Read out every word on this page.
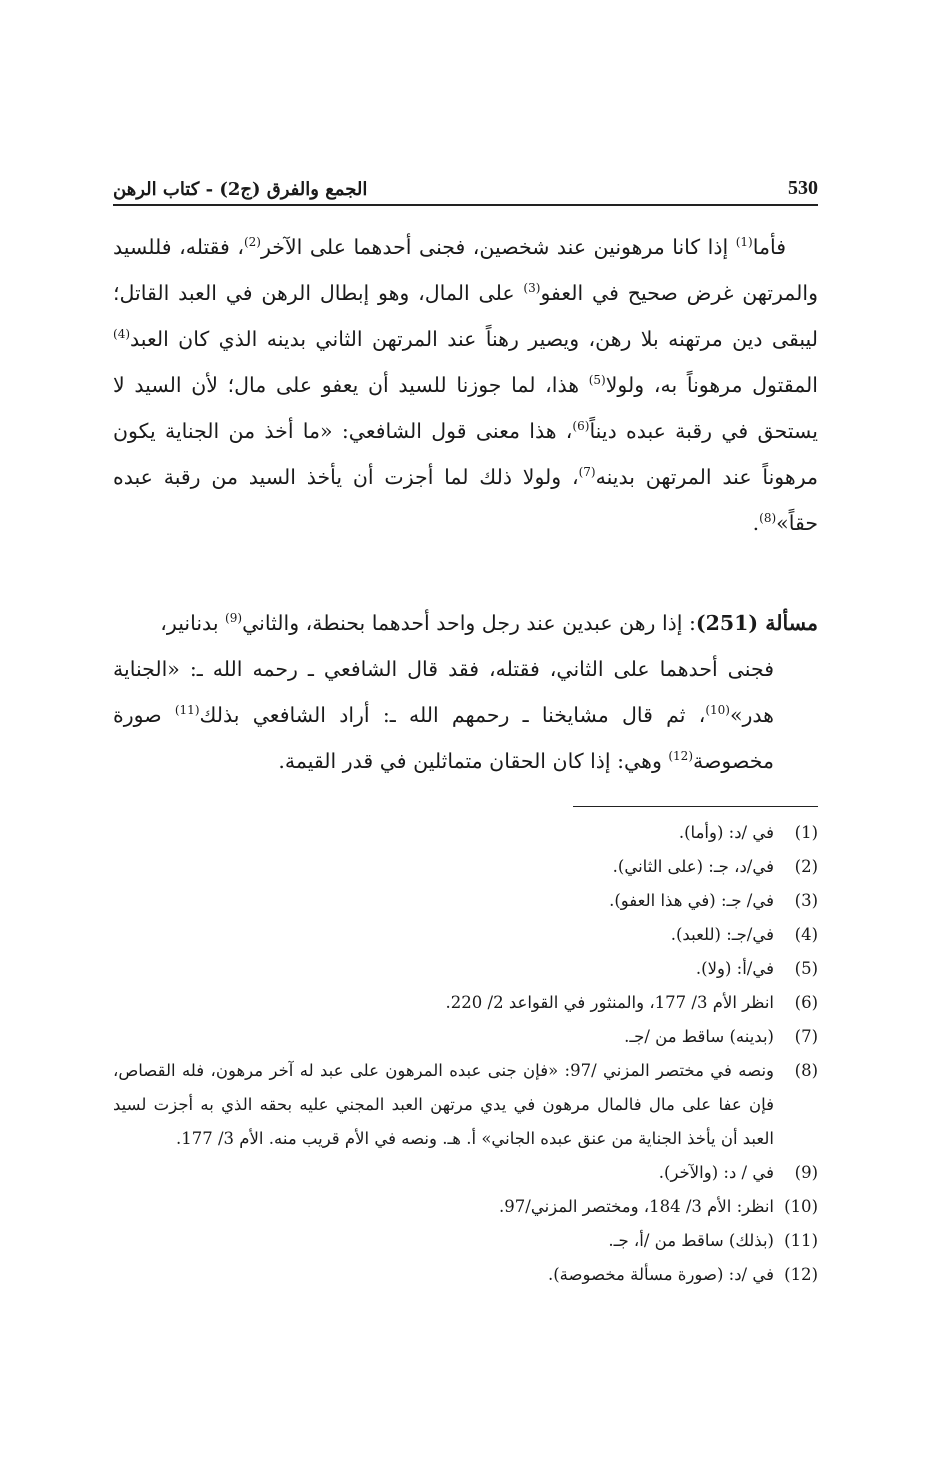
530
الجمع والفرق (ج2) - كتاب الرهن

فأما$^{(1)}$ إذا كانا مرهونين عند شخصين، فجنى أحدهما على الآخر$^{(2)}$، فقتله، فللسيد والمرتهن غرض صحيح في العفو$^{(3)}$ على المال، وهو إبطال الرهن في العبد القاتل؛ ليبقى دين مرتهنه بلا رهن، ويصير رهناً عند المرتهن الثاني بدينه الذي كان العبد$^{(4)}$ المقتول مرهوناً به، ولولا$^{(5)}$ هذا، لما جوزنا للسيد أن يعفو على مال؛ لأن السيد لا يستحق في رقبة عبده ديناً$^{(6)}$، هذا معنى قول الشافعي: «ما أخذ من الجناية يكون مرهوناً عند المرتهن بدينه$^{(7)}$، ولولا ذلك لما أجزت أن يأخذ السيد من رقبة عبده حقاً»$^{(8)}$.

مسألة (251): إذا رهن عبدين عند رجل واحد أحدهما بحنطة، والثاني$^{(9)}$ بدنانير،

فجنى أحدهما على الثاني، فقتله، فقد قال الشافعي ـ رحمه الله ـ: «الجناية هدر»$^{(10)}$، ثم قال مشايخنا ـ رحمهم الله ـ: أراد الشافعي بذلك$^{(11)}$ صورة مخصوصة$^{(12)}$ وهي: إذا كان الحقان متماثلين في قدر القيمة.

(1)
في /د: (وأما).
(2)
في/د، جـ: (على الثاني).
(3)
في/ جـ: (في هذا العفو).
(4)
في/جـ: (للعبد).
(5)
في/أ: (ولا).
(6)
انظر الأم 3/ 177، والمنثور في القواعد 2/ 220.
(7)
(بدينه) ساقط من /جـ.
(8)
ونصه في مختصر المزني /97: «فإن جنى عبده المرهون على عبد له آخر مرهون، فله القصاص، فإن عفا على مال فالمال مرهون في يدي مرتهن العبد المجني عليه بحقه الذي به أجزت لسيد العبد أن يأخذ الجناية من عنق عبده الجاني» أ. هـ. ونصه في الأم قريب منه. الأم 3/ 177.
(9)
في / د: (والآخر).
(10)
انظر: الأم 3/ 184، ومختصر المزني/97.
(11)
(بذلك) ساقط من /أ، جـ.
(12)
في /د: (صورة مسألة مخصوصة).
